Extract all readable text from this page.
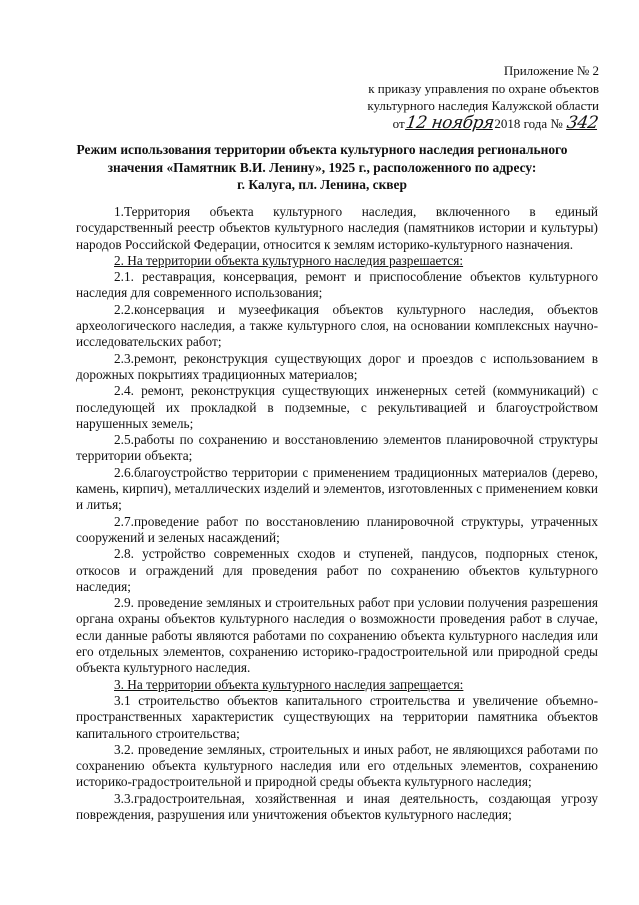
Приложение № 2
к приказу управления по охране объектов
культурного наследия Калужской области
от 12 ноября 2018 года №
342
Режим использования территории объекта культурного наследия регионального
значения «Памятник В.И. Ленину», 1925 г., расположенного по адресу:
г. Калуга, пл. Ленина, сквер

1.Территория объекта культурного наследия, включенного в единый государственный реестр объектов культурного наследия (памятников истории и культуры) народов Российской Федерации, относится к землям историко-культурного назначения.

2. На территории объекта культурного наследия разрешается:

2.1. реставрация, консервация, ремонт и приспособление объектов культурного наследия для современного использования;

2.2.консервация и музеефикация объектов культурного наследия, объектов археологического наследия, а также культурного слоя, на основании комплексных научно-исследовательских работ;

2.3.ремонт, реконструкция существующих дорог и проездов с использованием в дорожных покрытиях традиционных материалов;

2.4. ремонт, реконструкция существующих инженерных сетей (коммуникаций) с последующей их прокладкой в подземные, с рекультивацией и благоустройством нарушенных земель;

2.5.работы по сохранению и восстановлению элементов планировочной структуры территории объекта;

2.6.благоустройство территории с применением традиционных материалов (дерево, камень, кирпич), металлических изделий и элементов, изготовленных с применением ковки и литья;

2.7.проведение работ по восстановлению планировочной структуры, утраченных сооружений и зеленых насаждений;

2.8. устройство современных сходов и ступеней, пандусов, подпорных стенок, откосов и ограждений для проведения работ по сохранению объектов культурного наследия;

2.9. проведение земляных и строительных работ при условии получения разрешения органа охраны объектов культурного наследия о возможности проведения работ в случае, если данные работы являются работами по сохранению объекта культурного наследия или его отдельных элементов, сохранению историко-градостроительной или природной среды объекта культурного наследия.

3. На территории объекта культурного наследия запрещается:

3.1 строительство объектов капитального строительства и увеличение объемно-пространственных характеристик существующих на территории памятника объектов капитального строительства;

3.2. проведение земляных, строительных и иных работ, не являющихся работами по сохранению объекта культурного наследия или его отдельных элементов, сохранению историко-градостроительной и природной среды объекта культурного наследия;

3.3.градостроительная, хозяйственная и иная деятельность, создающая угрозу повреждения, разрушения или уничтожения объектов культурного наследия;
